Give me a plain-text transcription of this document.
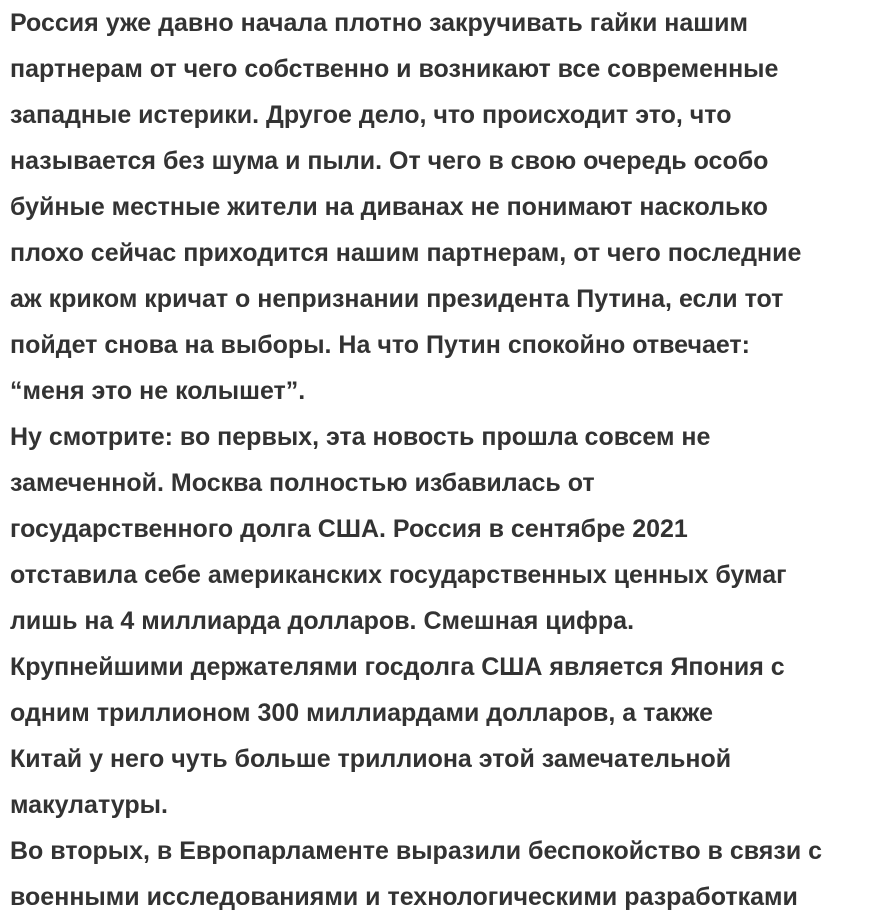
Россия уже давно начала плотно закручивать гайки нашим
партнерам от чего собственно и возникают все современные
западные истерики. Другое дело, что происходит это, что
называется без шума и пыли. От чего в свою очередь особо
буйные местные жители на диванах не понимают насколько
плохо сейчас приходится нашим партнерам, от чего последние
аж криком кричат о непризнании президента Путина, если тот
пойдет снова на выборы. На что Путин спокойно отвечает:
“меня это не колышет”.

Ну смотрите: во первых, эта новость прошла совсем не
замеченной. Москва полностью избавилась от
государственного долга США. Россия в сентябре 2021
отставила себе американских государственных ценных бумаг
лишь на 4 миллиарда долларов. Смешная цифра.
Крупнейшими держателями госдолга США является Япония с
одним триллионом 300 миллиардами долларов, а также
Китай у него чуть больше триллиона этой замечательной
макулатуры.

Во вторых, в Европарламенте выразили беспокойство в связи с
военными исследованиями и технологическими разработками
